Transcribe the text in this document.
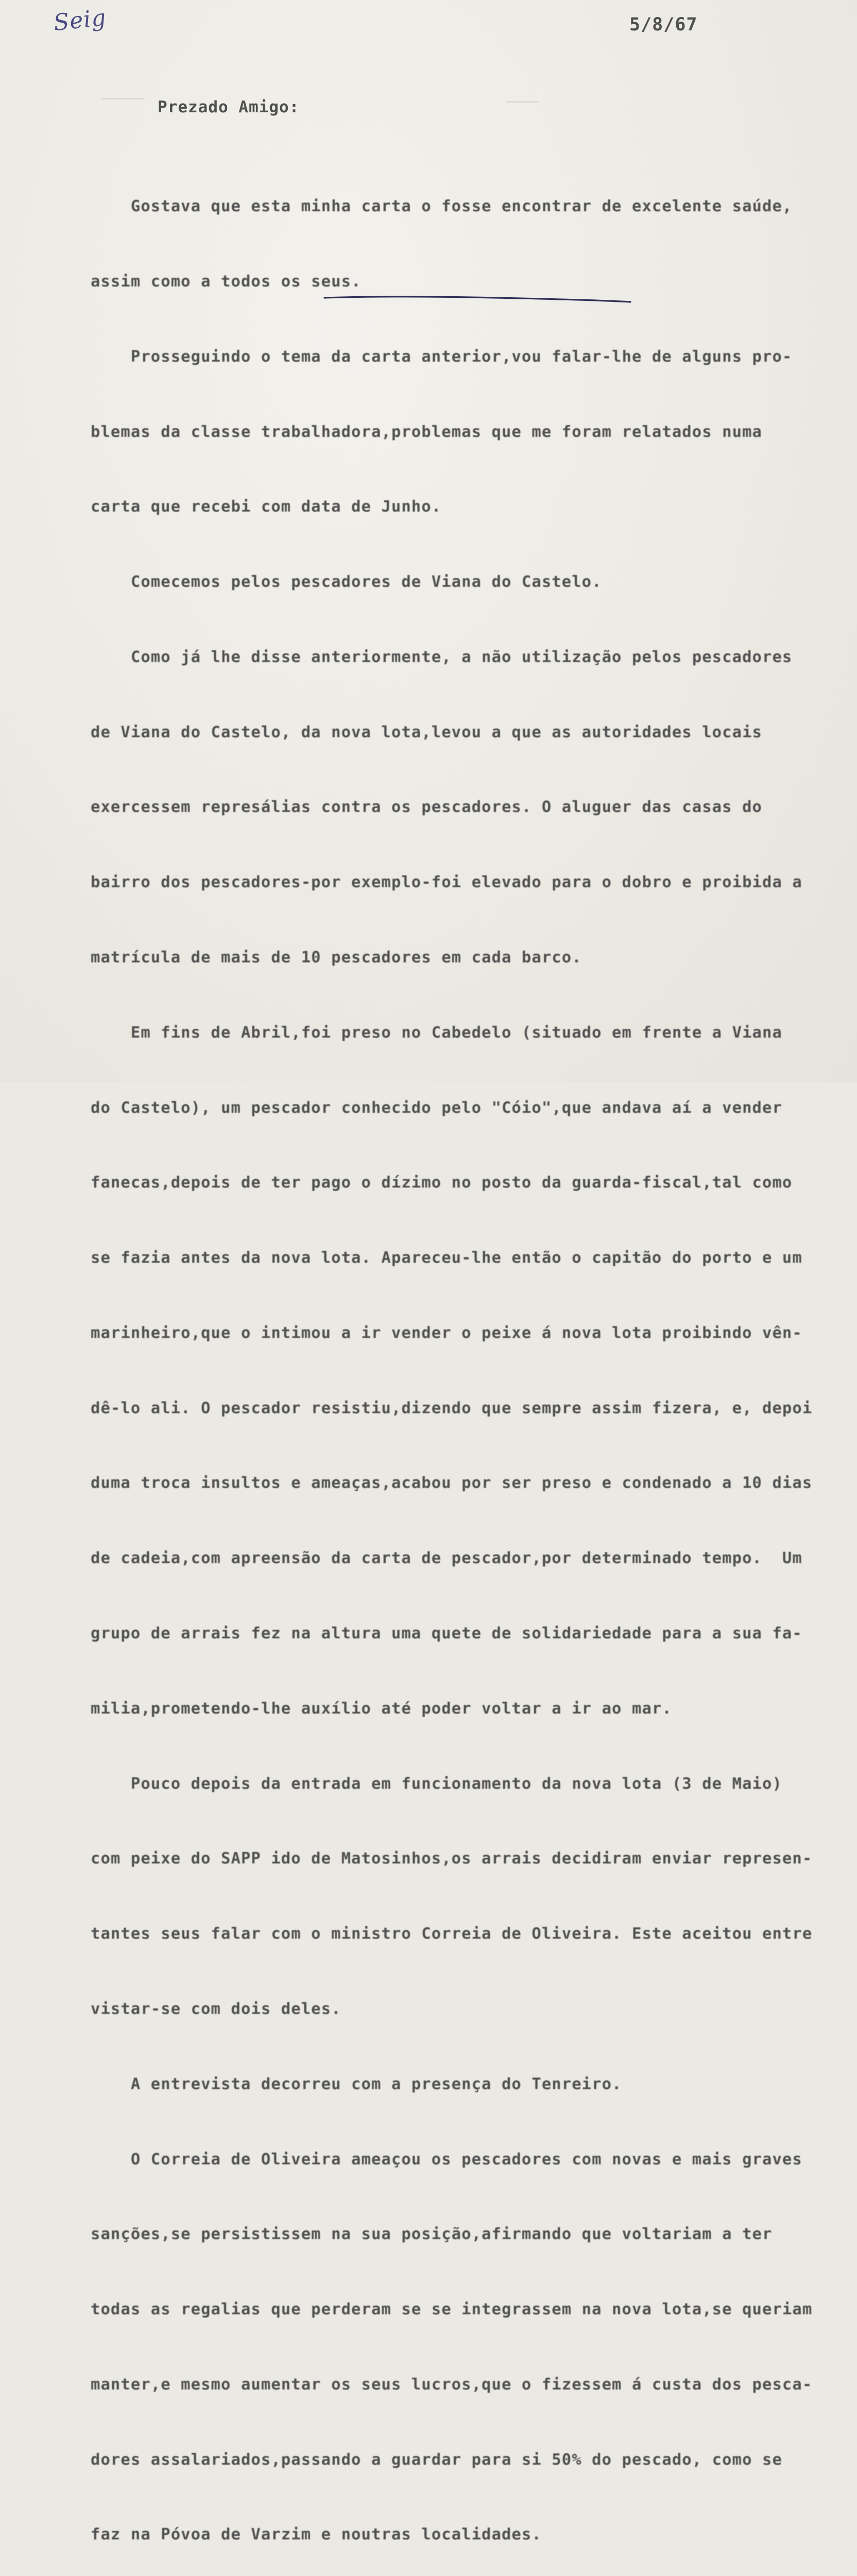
Seig	5/8/67
Prezado Amigo:

Gostava que esta minha carta o fosse encontrar de excelente saúde,

assim como a todos os seus.

Prosseguindo o tema da carta anterior,vou falar-lhe de alguns pro-

blemas da classe trabalhadora,problemas que me foram relatados numa

carta que recebi com data de Junho.

Comecemos pelos pescadores de Viana do Castelo.

Como já lhe disse anteriormente, a não utilização pelos pescadores

de Viana do Castelo, da nova lota,levou a que as autoridades locais

exercessem represálias contra os pescadores. O aluguer das casas do

bairro dos pescadores-por exemplo-foi elevado para o dobro e proibida a

matrícula de mais de 10 pescadores em cada barco.

Em fins de Abril,foi preso no Cabedelo (situado em frente a Viana

do Castelo), um pescador conhecido pelo "Cóio",que andava aí a vender

fanecas,depois de ter pago o dízimo no posto da guarda-fiscal,tal como

se fazia antes da nova lota. Apareceu-lhe então o capitão do porto e um

marinheiro,que o intimou a ir vender o peixe á nova lota proibindo vên-

dê-lo ali. O pescador resistiu,dizendo que sempre assim fizera, e, depoi

duma troca insultos e ameaças,acabou por ser preso e condenado a 10 dias

de cadeia,com apreensão da carta de pescador,por determinado tempo.  Um

grupo de arrais fez na altura uma quete de solidariedade para a sua fa-

milia,prometendo-lhe auxílio até poder voltar a ir ao mar.

Pouco depois da entrada em funcionamento da nova lota (3 de Maio)

com peixe do SAPP ido de Matosinhos,os arrais decidiram enviar represen-

tantes seus falar com o ministro Correia de Oliveira. Este aceitou entre

vistar-se com dois deles.

A entrevista decorreu com a presença do Tenreiro.

O Correia de Oliveira ameaçou os pescadores com novas e mais graves

sanções,se persistissem na sua posição,afirmando que voltariam a ter

todas as regalias que perderam se se integrassem na nova lota,se queriam

manter,e mesmo aumentar os seus lucros,que o fizessem á custa dos pesca-

dores assalariados,passando a guardar para si 50% do pescado, como se

faz na Póvoa de Varzim e noutras localidades.
